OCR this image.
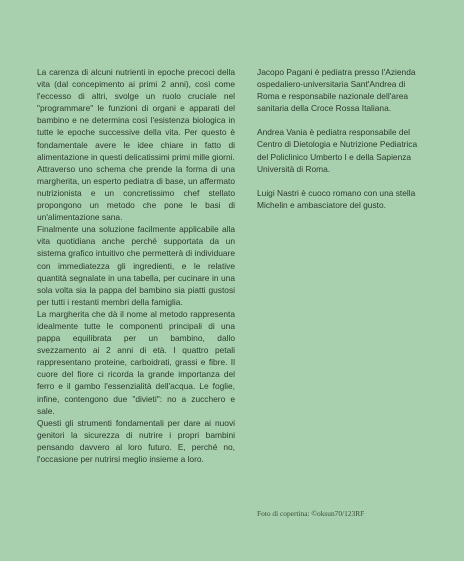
La carenza di alcuni nutrienti in epoche precoci della vita (dal concepimento ai primi 2 anni), così come l'eccesso di altri, svolge un ruolo cruciale nel "programmare" le funzioni di organi e apparati del bambino e ne determina così l'esistenza biologica in tutte le epoche successive della vita. Per questo è fondamentale avere le idee chiare in fatto di alimentazione in questi delicatissimi primi mille giorni.

Attraverso uno schema che prende la forma di una margherita, un esperto pediatra di base, un affermato nutrizionista e un concretissimo chef stellato propongono un metodo che pone le basi di un'alimentazione sana.

Finalmente una soluzione facilmente applicabile alla vita quotidiana anche perché supportata da un sistema grafico intuitivo che permetterà di individuare con immediatezza gli ingredienti, e le relative quantità segnalate in una tabella, per cucinare in una sola volta sia la pappa del bambino sia piatti gustosi per tutti i restanti membri della famiglia.

La margherita che dà il nome al metodo rappresenta idealmente tutte le componenti principali di una pappa equilibrata per un bambino, dallo svezzamento ai 2 anni di età. I quattro petali rappresentano proteine, carboidrati, grassi e fibre. Il cuore del fiore ci ricorda la grande importanza del ferro e il gambo l'essenzialità dell'acqua. Le foglie, infine, contengono due "divieti": no a zucchero e sale.

Questi gli strumenti fondamentali per dare ai nuovi genitori la sicurezza di nutrire i propri bambini pensando davvero al loro futuro. E, perché no, l'occasione per nutrirsi meglio insieme a loro.

Jacopo Pagani è pediatra presso l'Azienda ospedaliero-universitaria Sant'Andrea di Roma e responsabile nazionale dell'area sanitaria della Croce Rossa Italiana.

Andrea Vania è pediatra responsabile del Centro di Dietologia e Nutrizione Pediatrica del Policlinico Umberto I e della Sapienza Università di Roma.

Luigi Nastri è cuoco romano con una stella Michelin e ambasciatore del gusto.

Foto di copertina: ©oksun70/123RF
